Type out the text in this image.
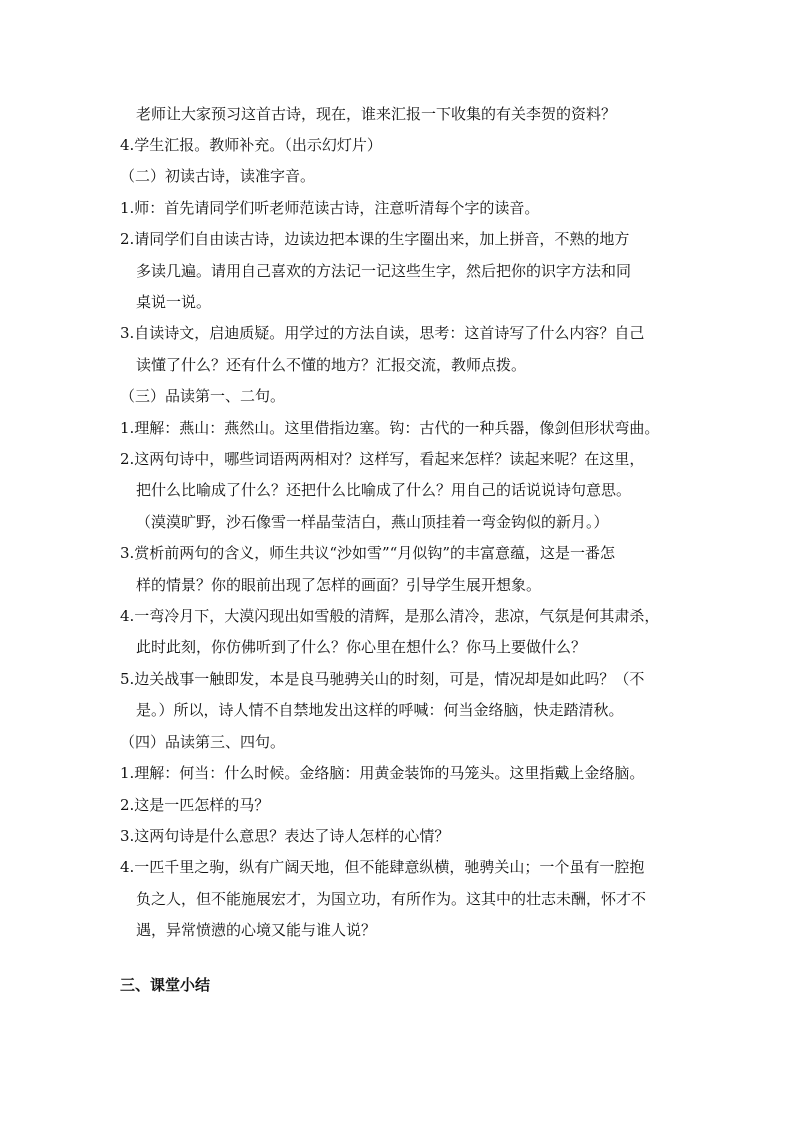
老师让大家预习这首古诗，现在，谁来汇报一下收集的有关李贺的资料？
4.学生汇报。教师补充。（出示幻灯片）
（二）初读古诗，读准字音。
1.师：首先请同学们听老师范读古诗，注意听清每个字的读音。
2.请同学们自由读古诗，边读边把本课的生字圈出来，加上拼音，不熟的地方
多读几遍。请用自己喜欢的方法记一记这些生字，然后把你的识字方法和同
桌说一说。
3.自读诗文，启迪质疑。用学过的方法自读，思考：这首诗写了什么内容？自己
读懂了什么？还有什么不懂的地方？汇报交流，教师点拨。
（三）品读第一、二句。
1.理解：燕山：燕然山。这里借指边塞。钩：古代的一种兵器，像剑但形状弯曲。
2.这两句诗中，哪些词语两两相对？这样写，看起来怎样？读起来呢？在这里，
把什么比喻成了什么？还把什么比喻成了什么？用自己的话说说诗句意思。
（漠漠旷野，沙石像雪一样晶莹洁白，燕山顶挂着一弯金钩似的新月。）
3.赏析前两句的含义，师生共议“沙如雪”“月似钩”的丰富意蕴，这是一番怎
样的情景？你的眼前出现了怎样的画面？引导学生展开想象。
4.一弯冷月下，大漠闪现出如雪般的清辉，是那么清冷，悲凉，气氛是何其肃杀，
此时此刻，你仿佛听到了什么？你心里在想什么？你马上要做什么？
5.边关战事一触即发，本是良马驰骋关山的时刻，可是，情况却是如此吗？（不
是。）所以，诗人情不自禁地发出这样的呼喊：何当金络脑，快走踏清秋。
（四）品读第三、四句。
1.理解：何当：什么时候。金络脑：用黄金装饰的马笼头。这里指戴上金络脑。
2.这是一匹怎样的马？
3.这两句诗是什么意思？表达了诗人怎样的心情？
4.一匹千里之驹，纵有广阔天地，但不能肆意纵横，驰骋关山；一个虽有一腔抱
负之人，但不能施展宏才，为国立功，有所作为。这其中的壮志未酬，怀才不
遇，异常愤懑的心境又能与谁人说？
三、课堂小结
